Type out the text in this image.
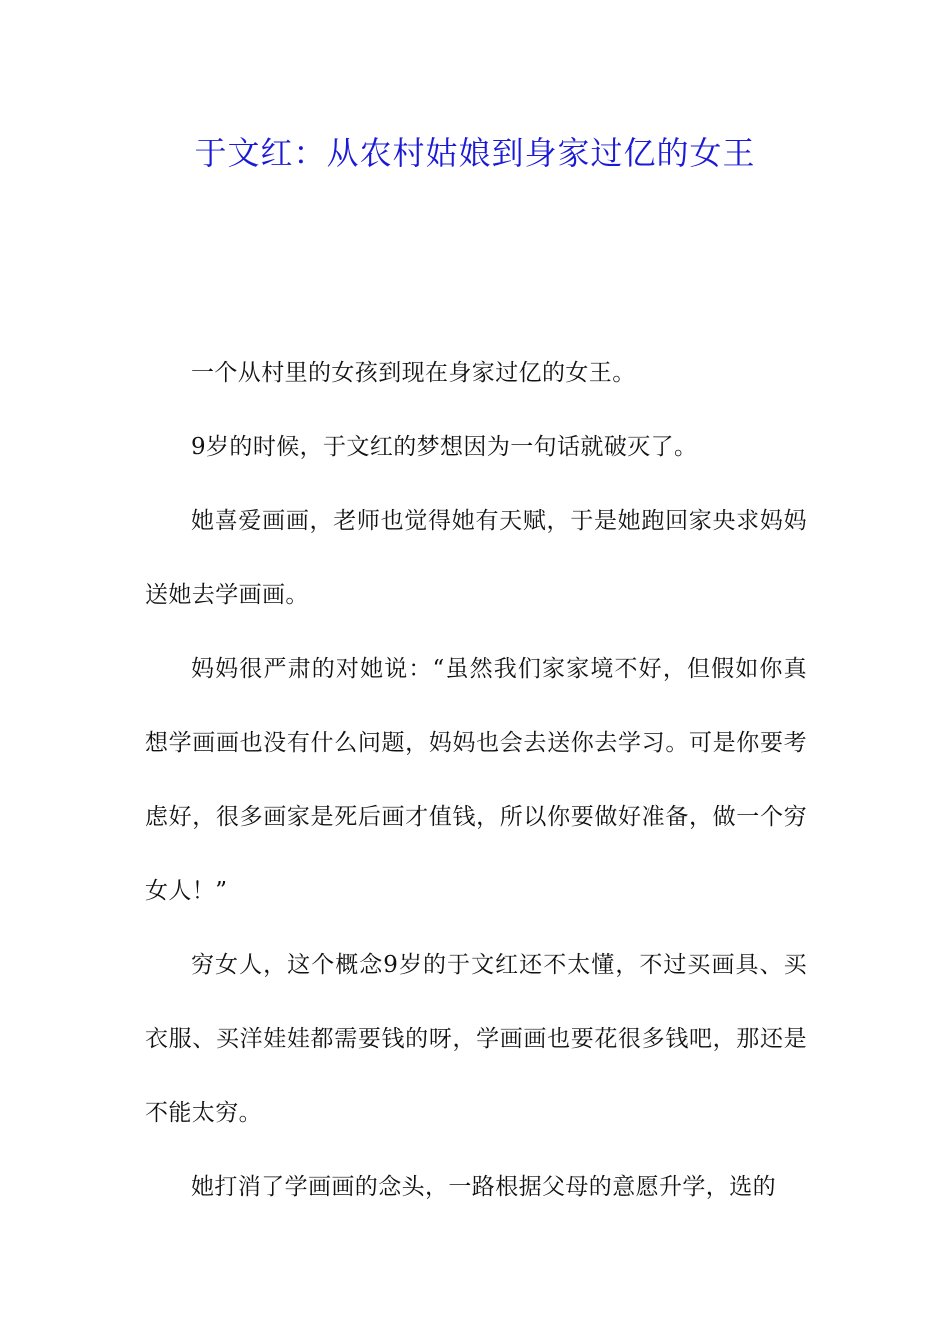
于文红：从农村姑娘到身家过亿的女王

一个从村里的女孩到现在身家过亿的女王。

9岁的时候，于文红的梦想因为一句话就破灭了。

她喜爱画画，老师也觉得她有天赋，于是她跑回家央求妈妈送她去学画画。

妈妈很严肃的对她说：“虽然我们家家境不好，但假如你真想学画画也没有什么问题，妈妈也会去送你去学习。可是你要考虑好，很多画家是死后画才值钱，所以你要做好准备，做一个穷女人！”

穷女人，这个概念9岁的于文红还不太懂，不过买画具、买衣服、买洋娃娃都需要钱的呀，学画画也要花很多钱吧，那还是不能太穷。

她打消了学画画的念头，一路根据父母的意愿升学，选的
